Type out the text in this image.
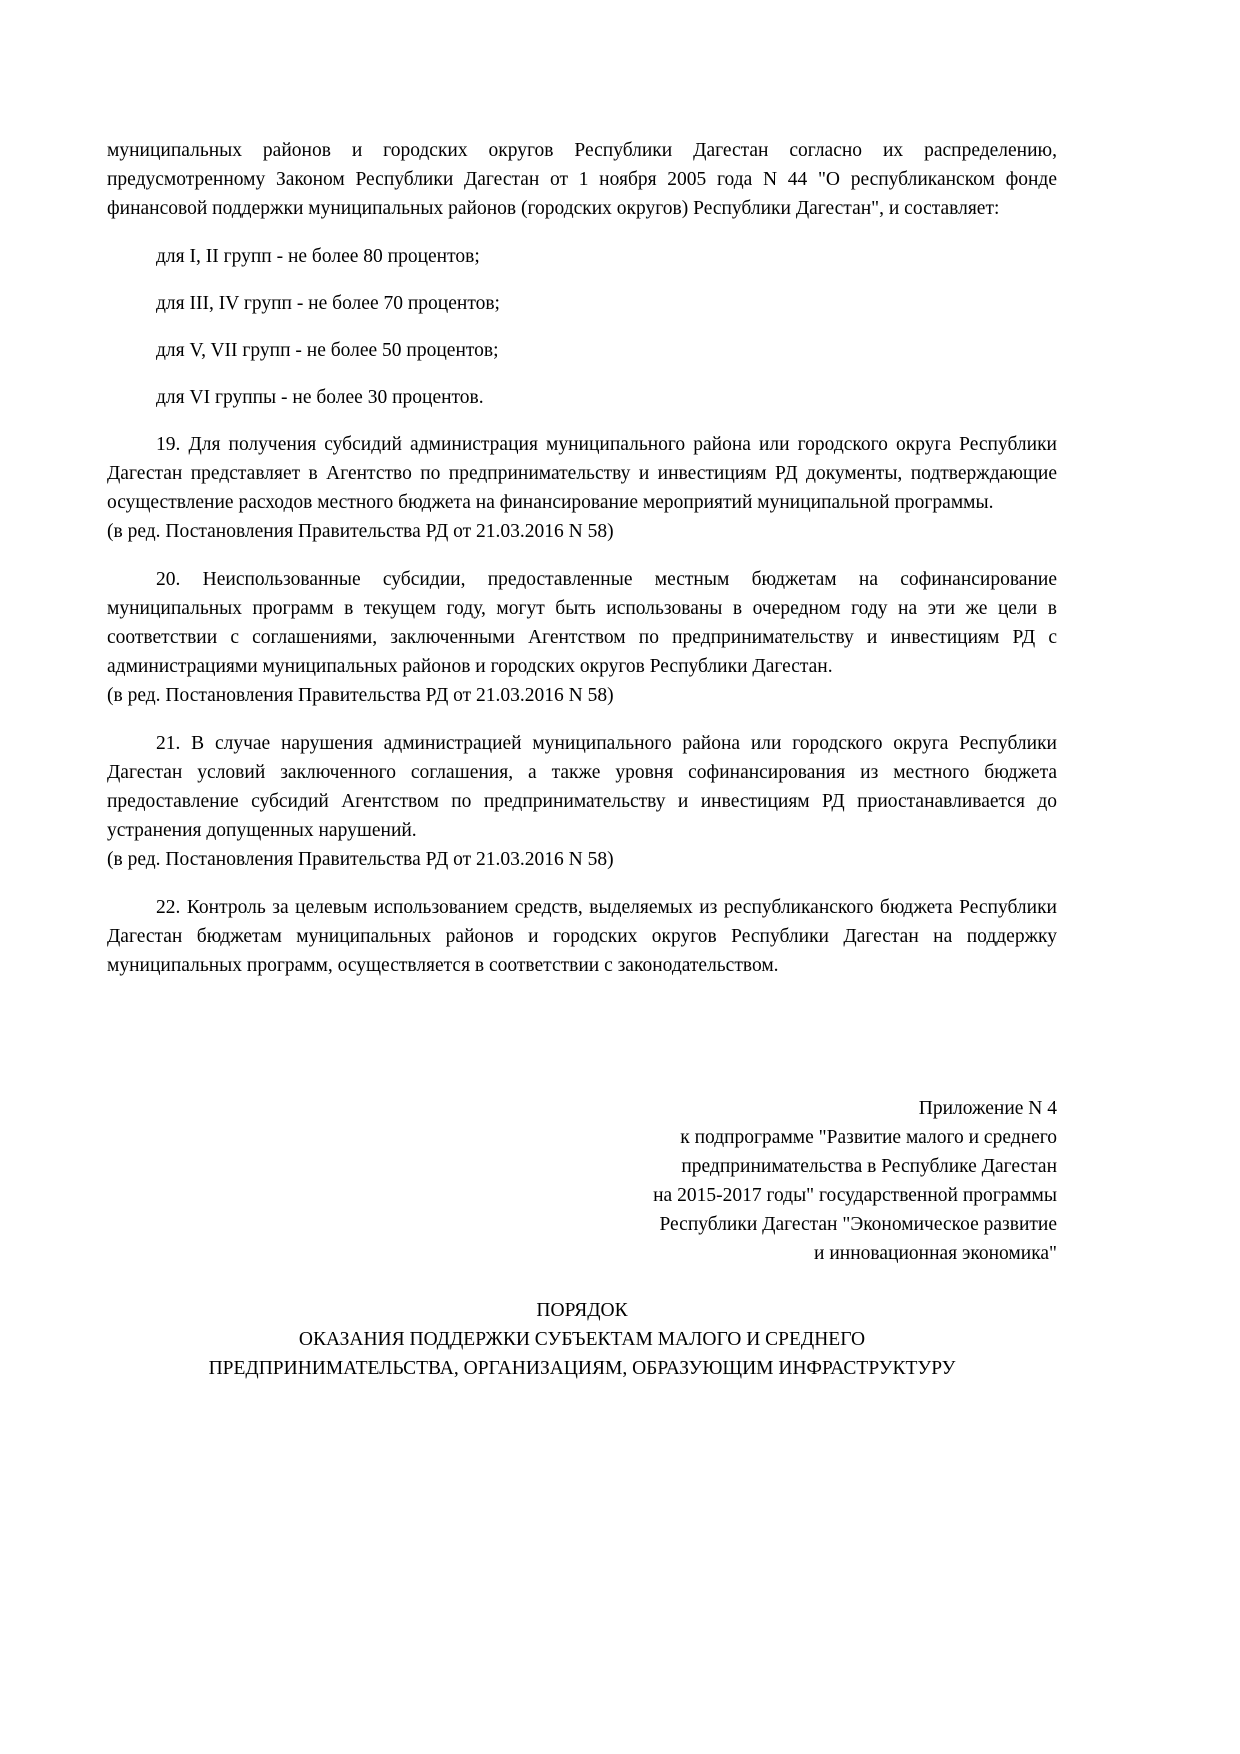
муниципальных районов и городских округов Республики Дагестан согласно их распределению, предусмотренному Законом Республики Дагестан от 1 ноября 2005 года N 44 "О республиканском фонде финансовой поддержки муниципальных районов (городских округов) Республики Дагестан", и составляет:

для I, II групп - не более 80 процентов;

для III, IV групп - не более 70 процентов;

для V, VII групп - не более 50 процентов;

для VI группы - не более 30 процентов.

19. Для получения субсидий администрация муниципального района или городского округа Республики Дагестан представляет в Агентство по предпринимательству и инвестициям РД документы, подтверждающие осуществление расходов местного бюджета на финансирование мероприятий муниципальной программы.

(в ред. Постановления Правительства РД от 21.03.2016 N 58)

20. Неиспользованные субсидии, предоставленные местным бюджетам на софинансирование муниципальных программ в текущем году, могут быть использованы в очередном году на эти же цели в соответствии с соглашениями, заключенными Агентством по предпринимательству и инвестициям РД с администрациями муниципальных районов и городских округов Республики Дагестан.

(в ред. Постановления Правительства РД от 21.03.2016 N 58)

21. В случае нарушения администрацией муниципального района или городского округа Республики Дагестан условий заключенного соглашения, а также уровня софинансирования из местного бюджета предоставление субсидий Агентством по предпринимательству и инвестициям РД приостанавливается до устранения допущенных нарушений.

(в ред. Постановления Правительства РД от 21.03.2016 N 58)

22. Контроль за целевым использованием средств, выделяемых из республиканского бюджета Республики Дагестан бюджетам муниципальных районов и городских округов Республики Дагестан на поддержку муниципальных программ, осуществляется в соответствии с законодательством.

Приложение N 4

к подпрограмме "Развитие малого и среднего

предпринимательства в Республике Дагестан

на 2015-2017 годы" государственной программы

Республики Дагестан "Экономическое развитие

и инновационная экономика"

ПОРЯДОК

ОКАЗАНИЯ ПОДДЕРЖКИ СУБЪЕКТАМ МАЛОГО И СРЕДНЕГО

ПРЕДПРИНИМАТЕЛЬСТВА, ОРГАНИЗАЦИЯМ, ОБРАЗУЮЩИМ ИНФРАСТРУКТУРУ
